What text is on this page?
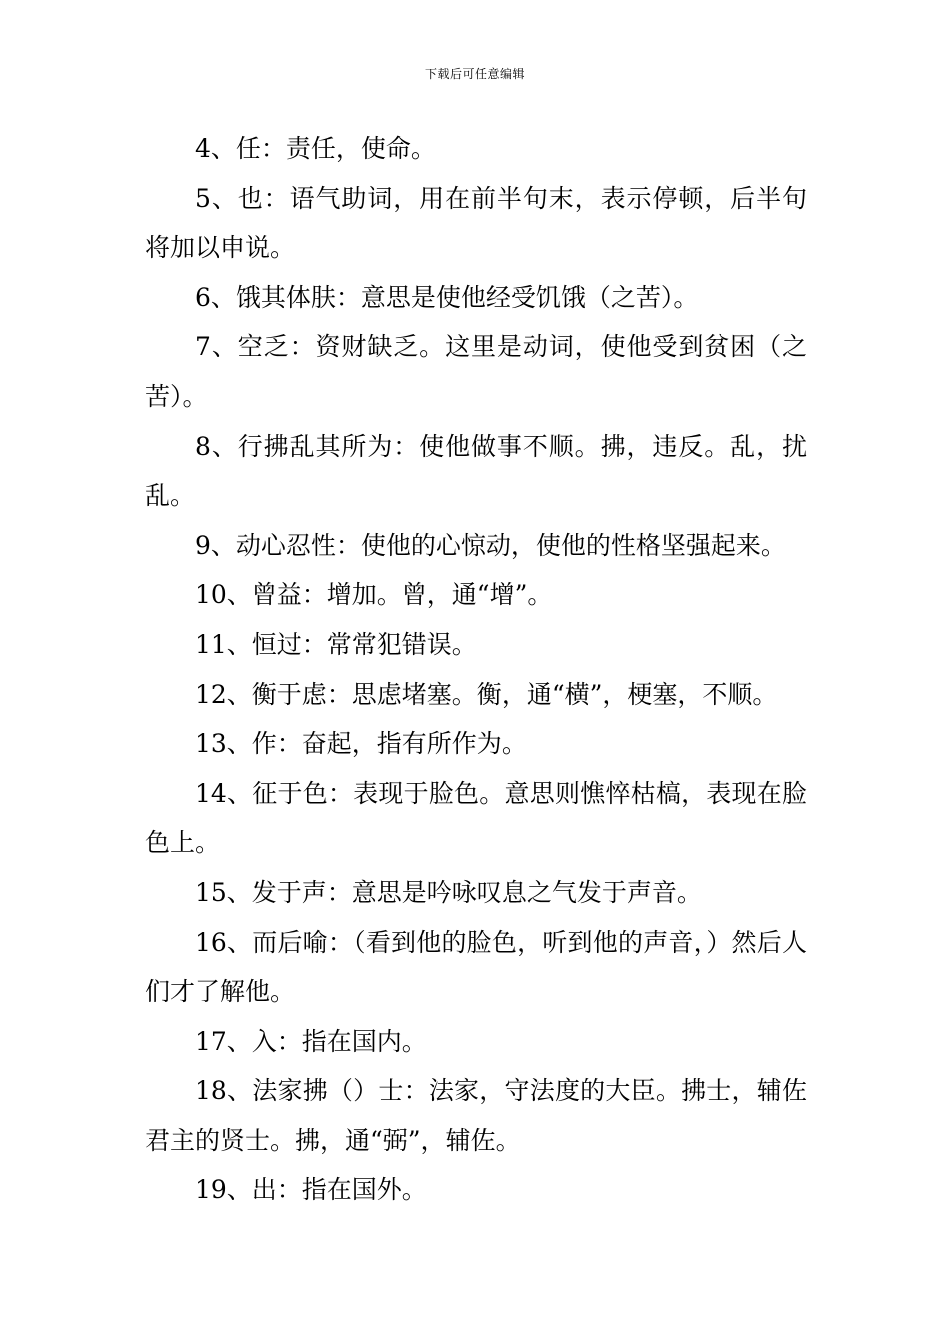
下载后可任意编辑

4、任：责任，使命。

5、也：语气助词，用在前半句末，表示停顿，后半句将加以申说。

6、饿其体肤：意思是使他经受饥饿（之苦）。

7、空乏：资财缺乏。这里是动词，使他受到贫困（之苦）。

8、行拂乱其所为：使他做事不顺。拂，违反。乱，扰乱。

9、动心忍性：使他的心惊动，使他的性格坚强起来。

10、曾益：增加。曾，通“增”。

11、恒过：常常犯错误。

12、衡于虑：思虑堵塞。衡，通“横”，梗塞，不顺。

13、作：奋起，指有所作为。

14、征于色：表现于脸色。意思则憔悴枯槁，表现在脸色上。

15、发于声：意思是吟咏叹息之气发于声音。

16、而后喻：（看到他的脸色，听到他的声音，）然后人们才了解他。

17、入：指在国内。

18、法家拂（）士：法家，守法度的大臣。拂士，辅佐君主的贤士。拂，通“弼”，辅佐。

19、出：指在国外。
